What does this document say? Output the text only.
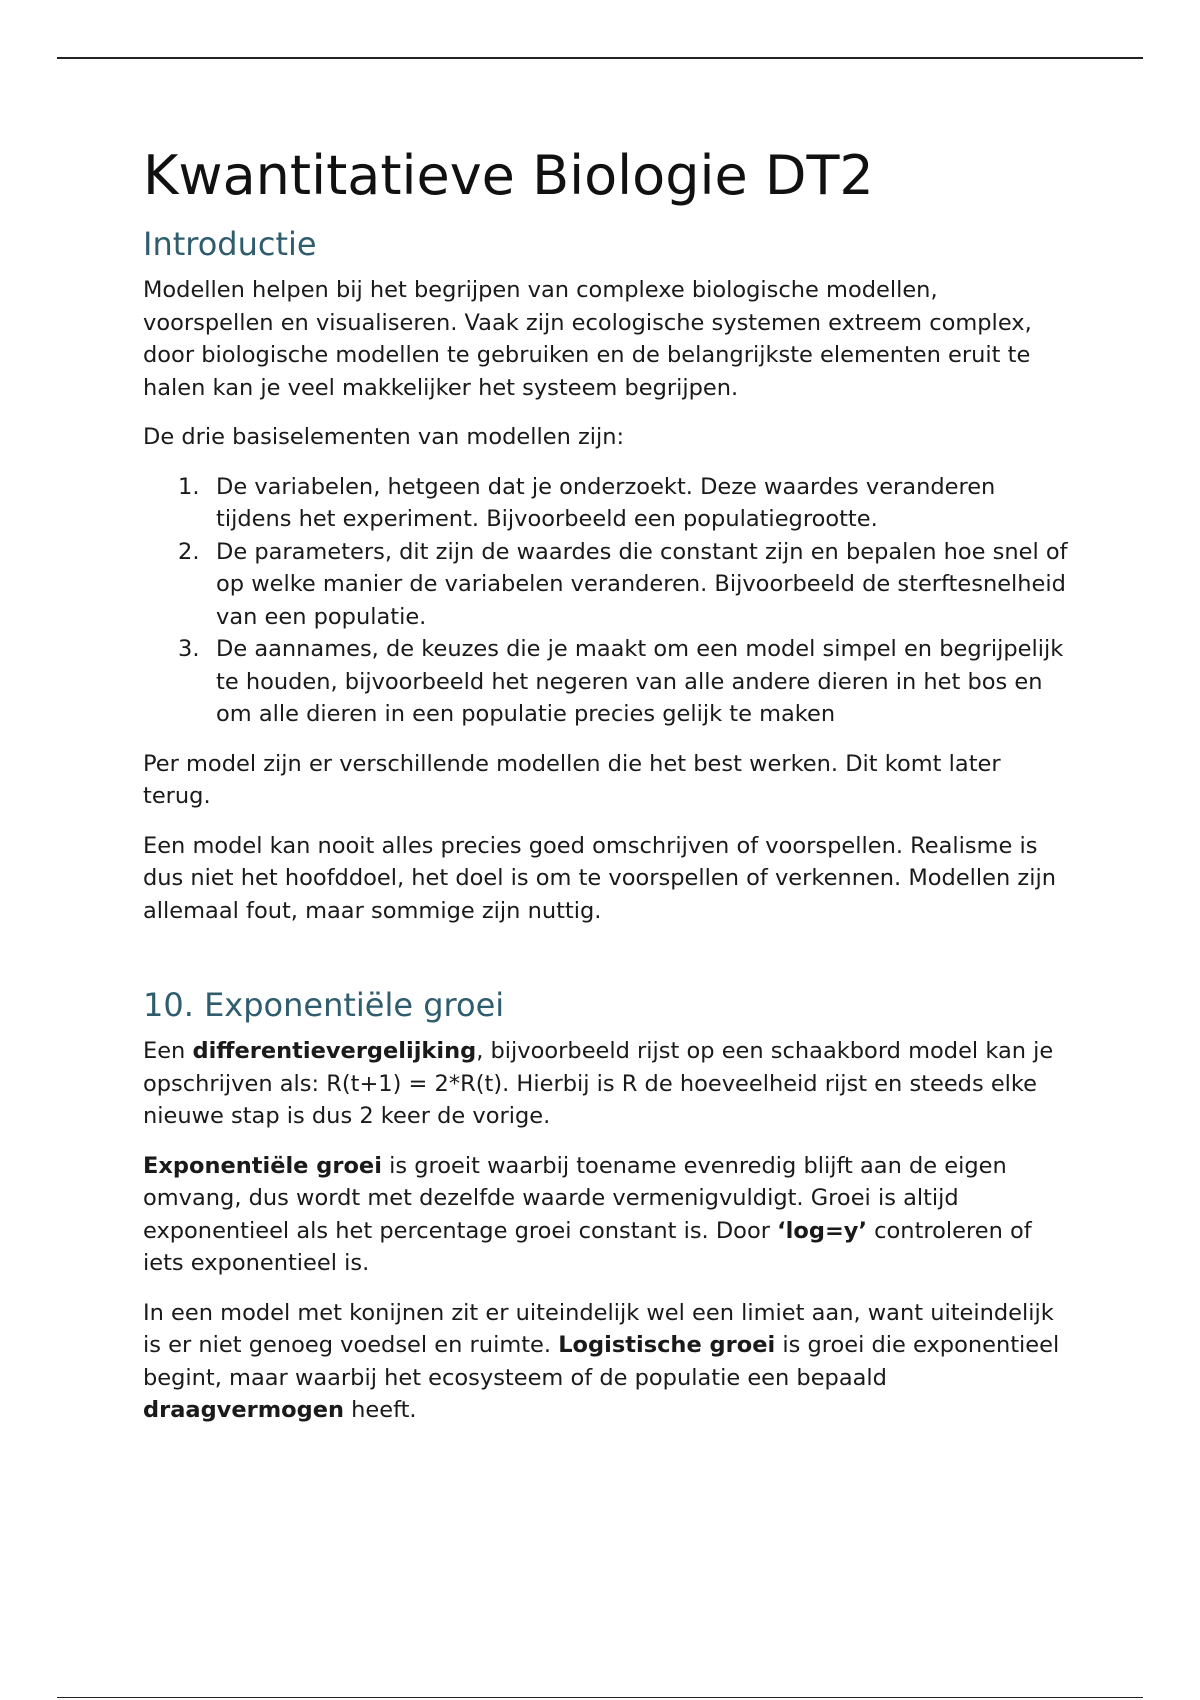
Kwantitatieve Biologie DT2
Introductie

Modellen helpen bij het begrijpen van complexe biologische modellen, voorspellen en visualiseren. Vaak zijn ecologische systemen extreem complex, door biologische modellen te gebruiken en de belangrijkste elementen eruit te halen kan je veel makkelijker het systeem begrijpen.

De drie basiselementen van modellen zijn:

1. De variabelen, hetgeen dat je onderzoekt. Deze waardes veranderen tijdens het experiment. Bijvoorbeeld een populatiegrootte.
2. De parameters, dit zijn de waardes die constant zijn en bepalen hoe snel of op welke manier de variabelen veranderen. Bijvoorbeeld de sterftesnelheid van een populatie.
3. De aannames, de keuzes die je maakt om een model simpel en begrijpelijk te houden, bijvoorbeeld het negeren van alle andere dieren in het bos en om alle dieren in een populatie precies gelijk te maken

Per model zijn er verschillende modellen die het best werken. Dit komt later terug.

Een model kan nooit alles precies goed omschrijven of voorspellen. Realisme is dus niet het hoofddoel, het doel is om te voorspellen of verkennen. Modellen zijn allemaal fout, maar sommige zijn nuttig.

10. Exponentiële groei

Een differentievergelijking, bijvoorbeeld rijst op een schaakbord model kan je opschrijven als: R(t+1) = 2*R(t). Hierbij is R de hoeveelheid rijst en steeds elke nieuwe stap is dus 2 keer de vorige.

Exponentiële groei is groeit waarbij toename evenredig blijft aan de eigen omvang, dus wordt met dezelfde waarde vermenigvuldigt. Groei is altijd exponentieel als het percentage groei constant is. Door ‘log=y’ controleren of iets exponentieel is.

In een model met konijnen zit er uiteindelijk wel een limiet aan, want uiteindelijk is er niet genoeg voedsel en ruimte. Logistische groei is groei die exponentieel begint, maar waarbij het ecosysteem of de populatie een bepaald draagvermogen heeft.
